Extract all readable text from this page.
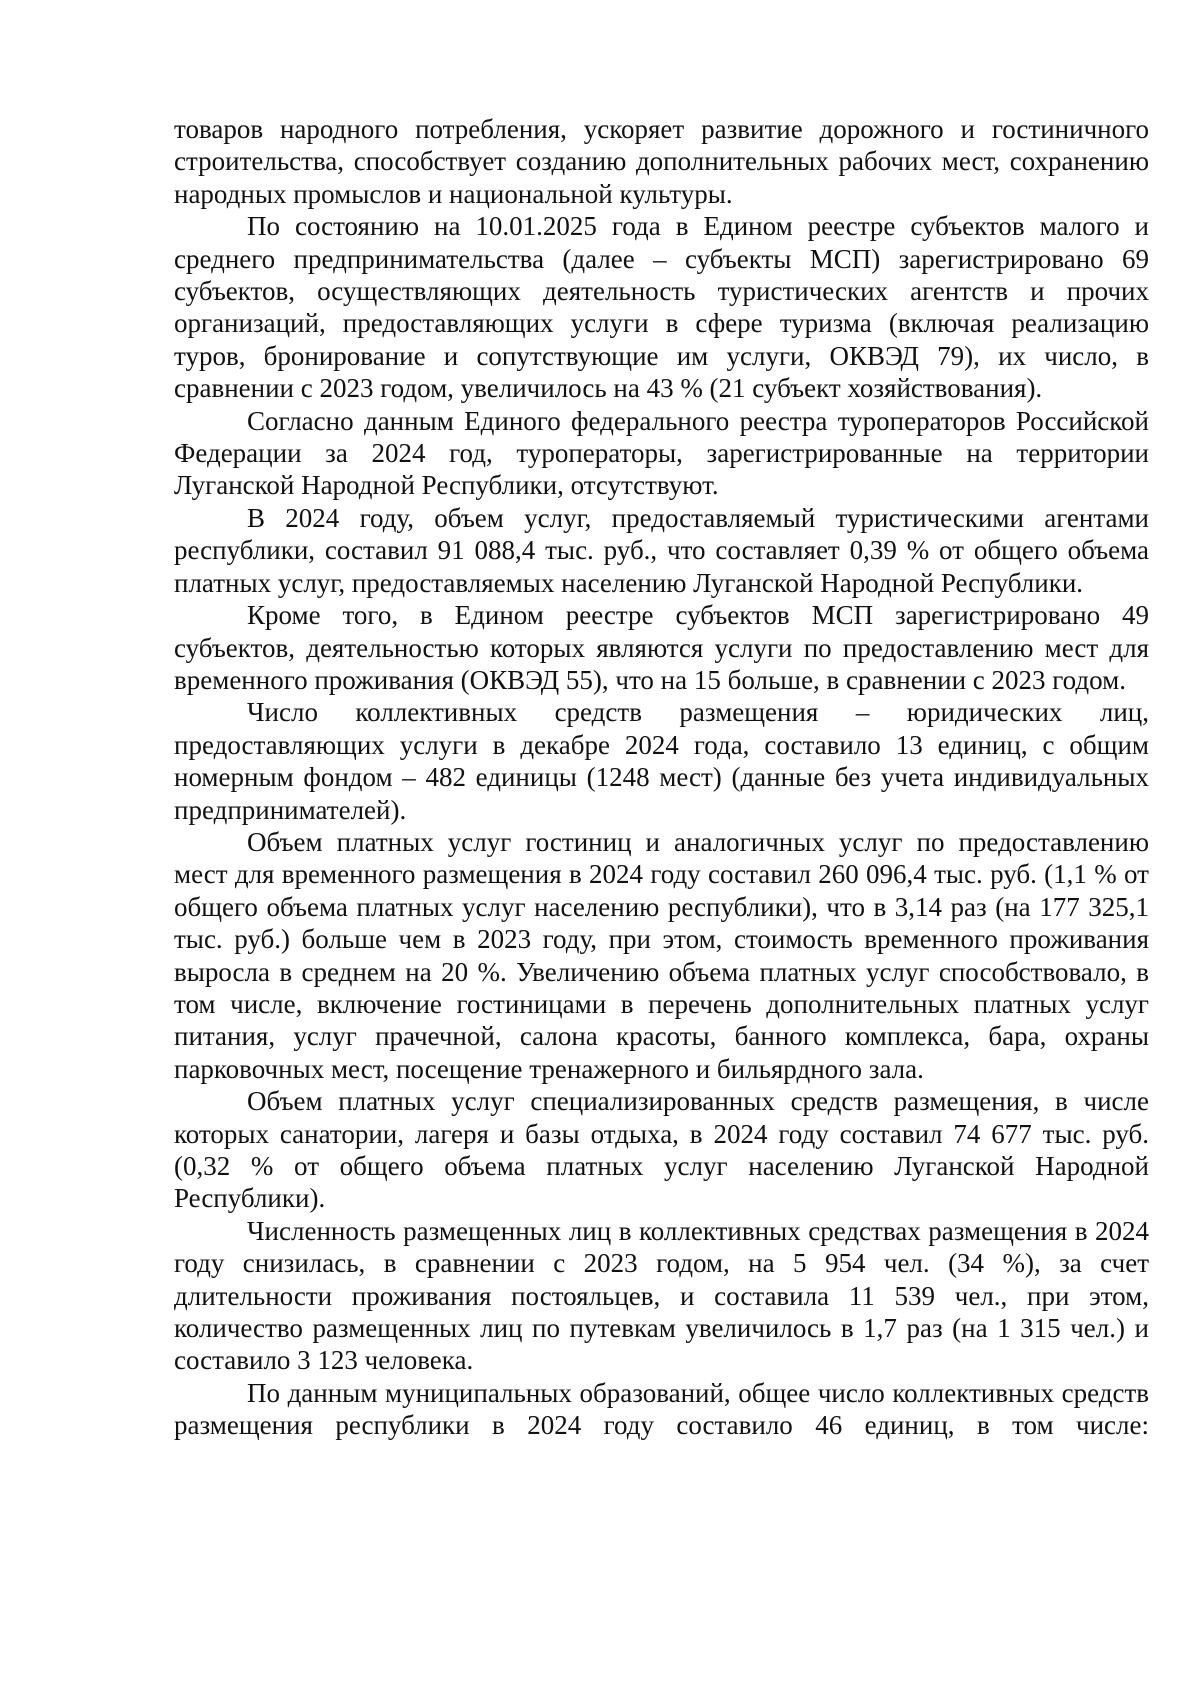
товаров народного потребления, ускоряет развитие дорожного и гостиничного строительства, способствует созданию дополнительных рабочих мест, сохранению народных промыслов и национальной культуры.

По состоянию на 10.01.2025 года в Едином реестре субъектов малого и среднего предпринимательства (далее – субъекты МСП) зарегистрировано 69 субъектов, осуществляющих деятельность туристических агентств и прочих организаций, предоставляющих услуги в сфере туризма (включая реализацию туров, бронирование и сопутствующие им услуги, ОКВЭД 79), их число, в сравнении с 2023 годом, увеличилось на 43 % (21 субъект хозяйствования).

Согласно данным Единого федерального реестра туроператоров Российской Федерации за 2024 год, туроператоры, зарегистрированные на территории Луганской Народной Республики, отсутствуют.

В 2024 году, объем услуг, предоставляемый туристическими агентами республики, составил 91 088,4 тыс. руб., что составляет 0,39 % от общего объема платных услуг, предоставляемых населению Луганской Народной Республики.

Кроме того, в Едином реестре субъектов МСП зарегистрировано 49 субъектов, деятельностью которых являются услуги по предоставлению мест для временного проживания (ОКВЭД 55), что на 15 больше, в сравнении с 2023 годом.

Число коллективных средств размещения – юридических лиц, предоставляющих услуги в декабре 2024 года, составило 13 единиц, с общим номерным фондом – 482 единицы (1248 мест) (данные без учета индивидуальных предпринимателей).

Объем платных услуг гостиниц и аналогичных услуг по предоставлению мест для временного размещения в 2024 году составил 260 096,4 тыс. руб. (1,1 % от общего объема платных услуг населению республики), что в 3,14 раз (на 177 325,1 тыс. руб.) больше чем в 2023 году, при этом, стоимость временного проживания выросла в среднем на 20 %. Увеличению объема платных услуг способствовало, в том числе, включение гостиницами в перечень дополнительных платных услуг питания, услуг прачечной, салона красоты, банного комплекса, бара, охраны парковочных мест, посещение тренажерного и бильярдного зала.

Объем платных услуг специализированных средств размещения, в числе которых санатории, лагеря и базы отдыха, в 2024 году составил 74 677 тыс. руб. (0,32 % от общего объема платных услуг населению Луганской Народной Республики).

Численность размещенных лиц в коллективных средствах размещения в 2024 году снизилась, в сравнении с 2023 годом, на 5 954 чел. (34 %), за счет длительности проживания постояльцев, и составила 11 539 чел., при этом, количество размещенных лиц по путевкам увеличилось в 1,7 раз (на 1 315 чел.) и составило 3 123 человека.

По данным муниципальных образований, общее число коллективных средств размещения республики в 2024 году составило 46 единиц, в том числе:
